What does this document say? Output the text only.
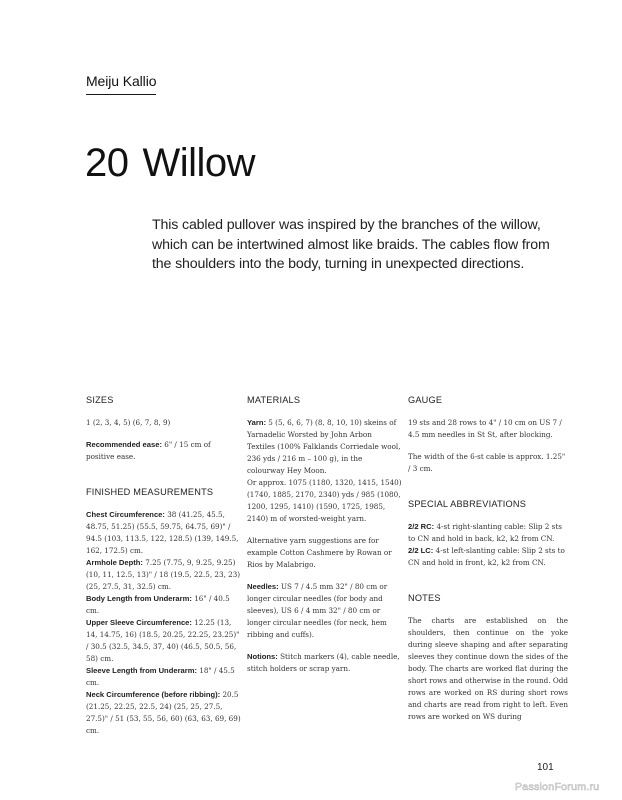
Meiju Kallio
20 Willow

This cabled pullover was inspired by the branches of the willow, which can be intertwined almost like braids. The cables flow from the shoulders into the body, turning in unexpected directions.

SIZES

1 (2, 3, 4, 5) (6, 7, 8, 9)

Recommended ease: 6" / 15 cm of positive ease.

FINISHED MEASUREMENTS

Chest Circumference: 38 (41.25, 45.5, 48.75, 51.25) (55.5, 59.75, 64.75, 69)" / 94.5 (103, 113.5, 122, 128.5) (139, 149.5, 162, 172.5) cm.

Armhole Depth: 7.25 (7.75, 9, 9.25, 9.25) (10, 11, 12.5, 13)" / 18 (19.5, 22.5, 23, 23) (25, 27.5, 31, 32.5) cm.

Body Length from Underarm: 16" / 40.5 cm.

Upper Sleeve Circumference: 12.25 (13, 14, 14.75, 16) (18.5, 20.25, 22.25, 23.25)" / 30.5 (32.5, 34.5, 37, 40) (46.5, 50.5, 56, 58) cm.

Sleeve Length from Underarm: 18" / 45.5 cm.

Neck Circumference (before ribbing): 20.5 (21.25, 22.25, 22.5, 24) (25, 25, 27.5, 27.5)" / 51 (53, 55, 56, 60) (63, 63, 69, 69) cm.

MATERIALS

Yarn: 5 (5, 6, 6, 7) (8, 8, 10, 10) skeins of Yarnadelic Worsted by John Arbon Textiles (100% Falklands Corriedale wool, 236 yds / 216 m – 100 g), in the colourway Hey Moon.

Or approx. 1075 (1180, 1320, 1415, 1540) (1740, 1885, 2170, 2340) yds / 985 (1080, 1200, 1295, 1410) (1590, 1725, 1985, 2140) m of worsted-weight yarn.

Alternative yarn suggestions are for example Cotton Cashmere by Rowan or Rios by Malabrigo.

Needles: US 7 / 4.5 mm 32" / 80 cm or longer circular needles (for body and sleeves), US 6 / 4 mm 32" / 80 cm or longer circular needles (for neck, hem ribbing and cuffs).

Notions: Stitch markers (4), cable needle, stitch holders or scrap yarn.

GAUGE

19 sts and 28 rows to 4" / 10 cm on US 7 / 4.5 mm needles in St St, after blocking.

The width of the 6-st cable is approx. 1.25" / 3 cm.

SPECIAL ABBREVIATIONS

2/2 RC: 4-st right-slanting cable: Slip 2 sts to CN and hold in back, k2, k2 from CN.

2/2 LC: 4-st left-slanting cable: Slip 2 sts to CN and hold in front, k2, k2 from CN.

NOTES

The charts are established on the shoulders, then continue on the yoke during sleeve shaping and after separating sleeves they continue down the sides of the body. The charts are worked flat during the short rows and otherwise in the round. Odd rows are worked on RS during short rows and charts are read from right to left. Even rows are worked on WS during

101
PassionForum.ru
